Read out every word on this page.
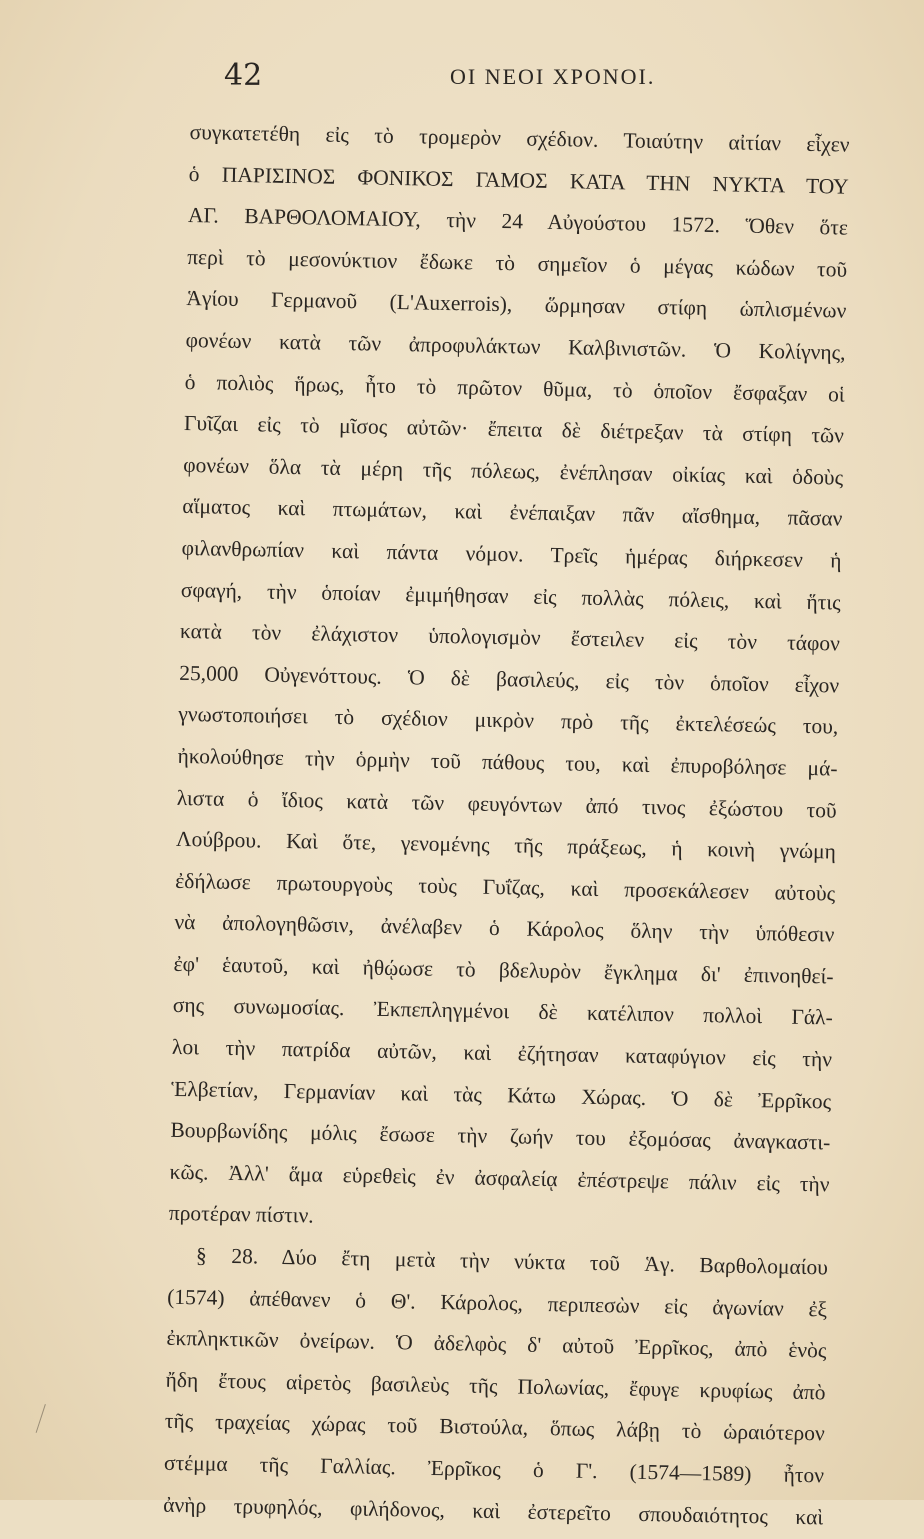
42	ΟΙ ΝΕΟΙ ΧΡΟΝΟΙ.
συγκατετέθη εἰς τὸ τρομερὸν σχέδιον. Τοιαύτην αἰτίαν εἶχεν
ὁ ΠΑΡΙΣΙΝΟΣ ΦΟΝΙΚΟΣ ΓΑΜΟΣ ΚΑΤΑ ΤΗΝ ΝΥΚΤΑ ΤΟΥ
ΑΓ. ΒΑΡΘΟΛΟΜΑΙΟΥ, τὴν 24 Αὐγούστου 1572. Ὅθεν ὅτε
περὶ τὸ μεσονύκτιον ἔδωκε τὸ σημεῖον ὁ μέγας κώδων τοῦ
Ἁγίου Γερμανοῦ (L'Auxerrois), ὥρμησαν στίφη ὡπλισμένων
φονέων κατὰ τῶν ἀπροφυλάκτων Καλβινιστῶν. Ὁ Κολίγνης,
ὁ πολιὸς ἥρως, ἦτο τὸ πρῶτον θῦμα, τὸ ὁποῖον ἔσφαξαν οἱ
Γυῖζαι εἰς τὸ μῖσος αὐτῶν· ἔπειτα δὲ διέτρεξαν τὰ στίφη τῶν
φονέων ὅλα τὰ μέρη τῆς πόλεως, ἐνέπλησαν οἰκίας καὶ ὁδοὺς
αἵματος καὶ πτωμάτων, καὶ ἐνέπαιξαν πᾶν αἴσθημα, πᾶσαν
φιλανθρωπίαν καὶ πάντα νόμον. Τρεῖς ἡμέρας διήρκεσεν ἡ
σφαγή, τὴν ὁποίαν ἐμιμήθησαν εἰς πολλὰς πόλεις, καὶ ἥτις
κατὰ τὸν ἐλάχιστον ὑπολογισμὸν ἔστειλεν εἰς τὸν τάφον
25,000 Οὐγενόττους. Ὁ δὲ βασιλεύς, εἰς τὸν ὁποῖον εἶχον
γνωστοποιήσει τὸ σχέδιον μικρὸν πρὸ τῆς ἐκτελέσεώς του,
ἠκολούθησε τὴν ὁρμὴν τοῦ πάθους του, καὶ ἐπυροβόλησε μά-
λιστα ὁ ἴδιος κατὰ τῶν φευγόντων ἀπό τινος ἐξώστου τοῦ
Λούβρου. Καὶ ὅτε, γενομένης τῆς πράξεως, ἡ κοινὴ γνώμη
ἐδήλωσε πρωτουργοὺς τοὺς Γυΐζας, καὶ προσεκάλεσεν αὐτοὺς
νὰ ἀπολογηθῶσιν, ἀνέλαβεν ὁ Κάρολος ὅλην τὴν ὑπόθεσιν
ἐφ' ἑαυτοῦ, καὶ ἠθῴωσε τὸ βδελυρὸν ἔγκλημα δι' ἐπινοηθεί-
σης συνωμοσίας. Ἐκπεπληγμένοι δὲ κατέλιπον πολλοὶ Γάλ-
λοι τὴν πατρίδα αὐτῶν, καὶ ἐζήτησαν καταφύγιον εἰς τὴν
Ἑλβετίαν, Γερμανίαν καὶ τὰς Κάτω Χώρας. Ὁ δὲ Ἐρρῖκος
Βουρβωνίδης μόλις ἔσωσε τὴν ζωήν του ἐξομόσας ἀναγκαστι-
κῶς. Ἀλλ' ἅμα εὑρεθεὶς ἐν ἀσφαλείᾳ ἐπέστρεψε πάλιν εἰς τὴν
προτέραν πίστιν.
§ 28. Δύο ἔτη μετὰ τὴν νύκτα τοῦ Ἁγ. Βαρθολομαίου
(1574) ἀπέθανεν ὁ Θ'. Κάρολος, περιπεσὼν εἰς ἀγωνίαν ἐξ
ἐκπληκτικῶν ὀνείρων. Ὁ ἀδελφὸς δ' αὐτοῦ Ἐρρῖκος, ἀπὸ ἑνὸς
ἤδη ἔτους αἱρετὸς βασιλεὺς τῆς Πολωνίας, ἔφυγε κρυφίως ἀπὸ
τῆς τραχείας χώρας τοῦ Βιστούλα, ὅπως λάβῃ τὸ ὡραιότερον
στέμμα τῆς Γαλλίας. Ἐρρῖκος ὁ Γ'. (1574—1589) ἦτον
ἀνὴρ τρυφηλός, φιλήδονος, καὶ ἐστερεῖτο σπουδαιότητος καὶ
